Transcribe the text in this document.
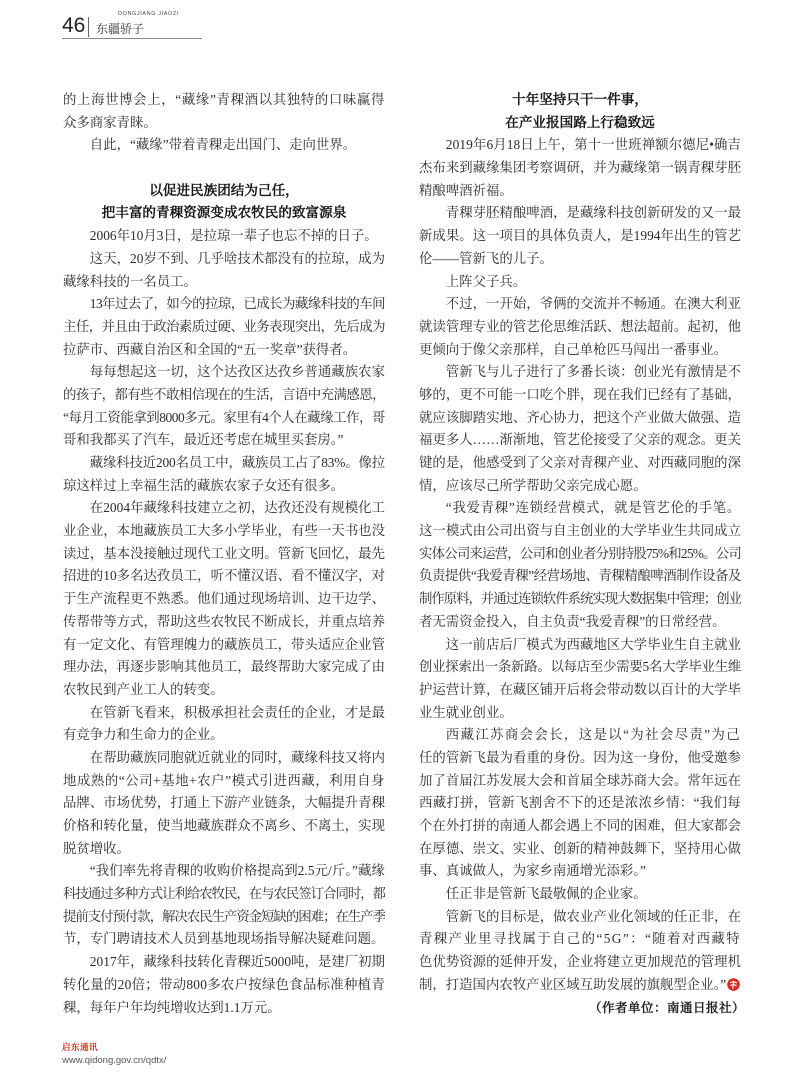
46	DONGJIANG JIAOZI
东疆骄子
的上海世博会上，“藏缘”青稞酒以其独特的口味赢得
众多商家青睐。
自此，“藏缘”带着青稞走出国门、走向世界。
以促进民族团结为己任，
把丰富的青稞资源变成农牧民的致富源泉
2006年10月3日，是拉琼一辈子也忘不掉的日子。
这天，20岁不到、几乎啥技术都没有的拉琼，成为
藏缘科技的一名员工。
13年过去了，如今的拉琼，已成长为藏缘科技的车间
主任，并且由于政治素质过硬、业务表现突出，先后成为
拉萨市、西藏自治区和全国的“五一奖章”获得者。
每每想起这一切，这个达孜区达孜乡普通藏族农家
的孩子，都有些不敢相信现在的生活，言语中充满感恩，
“每月工资能拿到8000多元。家里有4个人在藏缘工作，哥
哥和我都买了汽车，最近还考虑在城里买套房。”
藏缘科技近200名员工中，藏族员工占了83%。像拉
琼这样过上幸福生活的藏族农家子女还有很多。
在2004年藏缘科技建立之初，达孜还没有规模化工
业企业，本地藏族员工大多小学毕业，有些一天书也没
读过，基本没接触过现代工业文明。管新飞回忆，最先
招进的10多名达孜员工，听不懂汉语、看不懂汉字，对
于生产流程更不熟悉。他们通过现场培训、边干边学、
传帮带等方式，帮助这些农牧民不断成长，并重点培养
有一定文化、有管理魄力的藏族员工，带头适应企业管
理办法，再逐步影响其他员工，最终帮助大家完成了由
农牧民到产业工人的转变。
在管新飞看来，积极承担社会责任的企业，才是最
有竞争力和生命力的企业。
在帮助藏族同胞就近就业的同时，藏缘科技又将内
地成熟的“公司+基地+农户”模式引进西藏，利用自身
品牌、市场优势，打通上下游产业链条，大幅提升青稞
价格和转化量，使当地藏族群众不离乡、不离土，实现
脱贫增收。
“我们率先将青稞的收购价格提高到2.5元/斤。”藏缘
科技通过多种方式让利给农牧民，在与农民签订合同时，都
提前支付预付款，解决农民生产资金短缺的困难；在生产季
节，专门聘请技术人员到基地现场指导解决疑难问题。
2017年，藏缘科技转化青稞近5000吨，是建厂初期
转化量的20倍；带动800多农户按绿色食品标准种植青
稞，每年户年均纯增收达到1.1万元。
十年坚持只干一件事，
在产业报国路上行稳致远
2019年6月18日上午，第十一世班禅额尔德尼•确吉
杰布来到藏缘集团考察调研，并为藏缘第一锅青稞芽胚
精酿啤酒祈福。
青稞芽胚精酿啤酒，是藏缘科技创新研发的又一最
新成果。这一项目的具体负责人，是1994年出生的管艺
伦——管新飞的儿子。
上阵父子兵。
不过，一开始，爷俩的交流并不畅通。在澳大利亚
就读管理专业的管艺伦思维活跃、想法超前。起初，他
更倾向于像父亲那样，自己单枪匹马闯出一番事业。
管新飞与儿子进行了多番长谈：创业光有激情是不
够的，更不可能一口吃个胖，现在我们已经有了基础，
就应该脚踏实地、齐心协力，把这个产业做大做强、造
福更多人……渐渐地，管艺伦接受了父亲的观念。更关
键的是，他感受到了父亲对青稞产业、对西藏同胞的深
情，应该尽己所学帮助父亲完成心愿。
“我爱青稞”连锁经营模式，就是管艺伦的手笔。
这一模式由公司出资与自主创业的大学毕业生共同成立
实体公司来运营，公司和创业者分别持股75%和25%。公司
负责提供“我爱青稞”经营场地、青稞精酿啤酒制作设备及
制作原料，并通过连锁软件系统实现大数据集中管理；创业
者无需资金投入，自主负责“我爱青稞”的日常经营。
这一前店后厂模式为西藏地区大学毕业生自主就业
创业探索出一条新路。以每店至少需要5名大学毕业生维
护运营计算，在藏区铺开后将会带动数以百计的大学毕
业生就业创业。
西藏江苏商会会长，这是以“为社会尽责”为己
任的管新飞最为看重的身份。因为这一身份，他受邀参
加了首届江苏发展大会和首届全球苏商大会。常年远在
西藏打拼，管新飞割舍不下的还是浓浓乡情：“我们每
个在外打拼的南通人都会遇上不同的困难，但大家都会
在厚德、崇文、实业、创新的精神鼓舞下，坚持用心做
事、真诚做人，为家乡南通增光添彩。”
任正非是管新飞最敬佩的企业家。
管新飞的目标是，做农业产业化领域的任正非，在
青稞产业里寻找属于自己的“5G”：“随着对西藏特
色优势资源的延伸开发，企业将建立更加规范的管理机
制，打造国内农牧产业区域互助发展的旗舰型企业。”
（作者单位：南通日报社）
启东通讯
www.qidong.gov.cn/qdtx/
